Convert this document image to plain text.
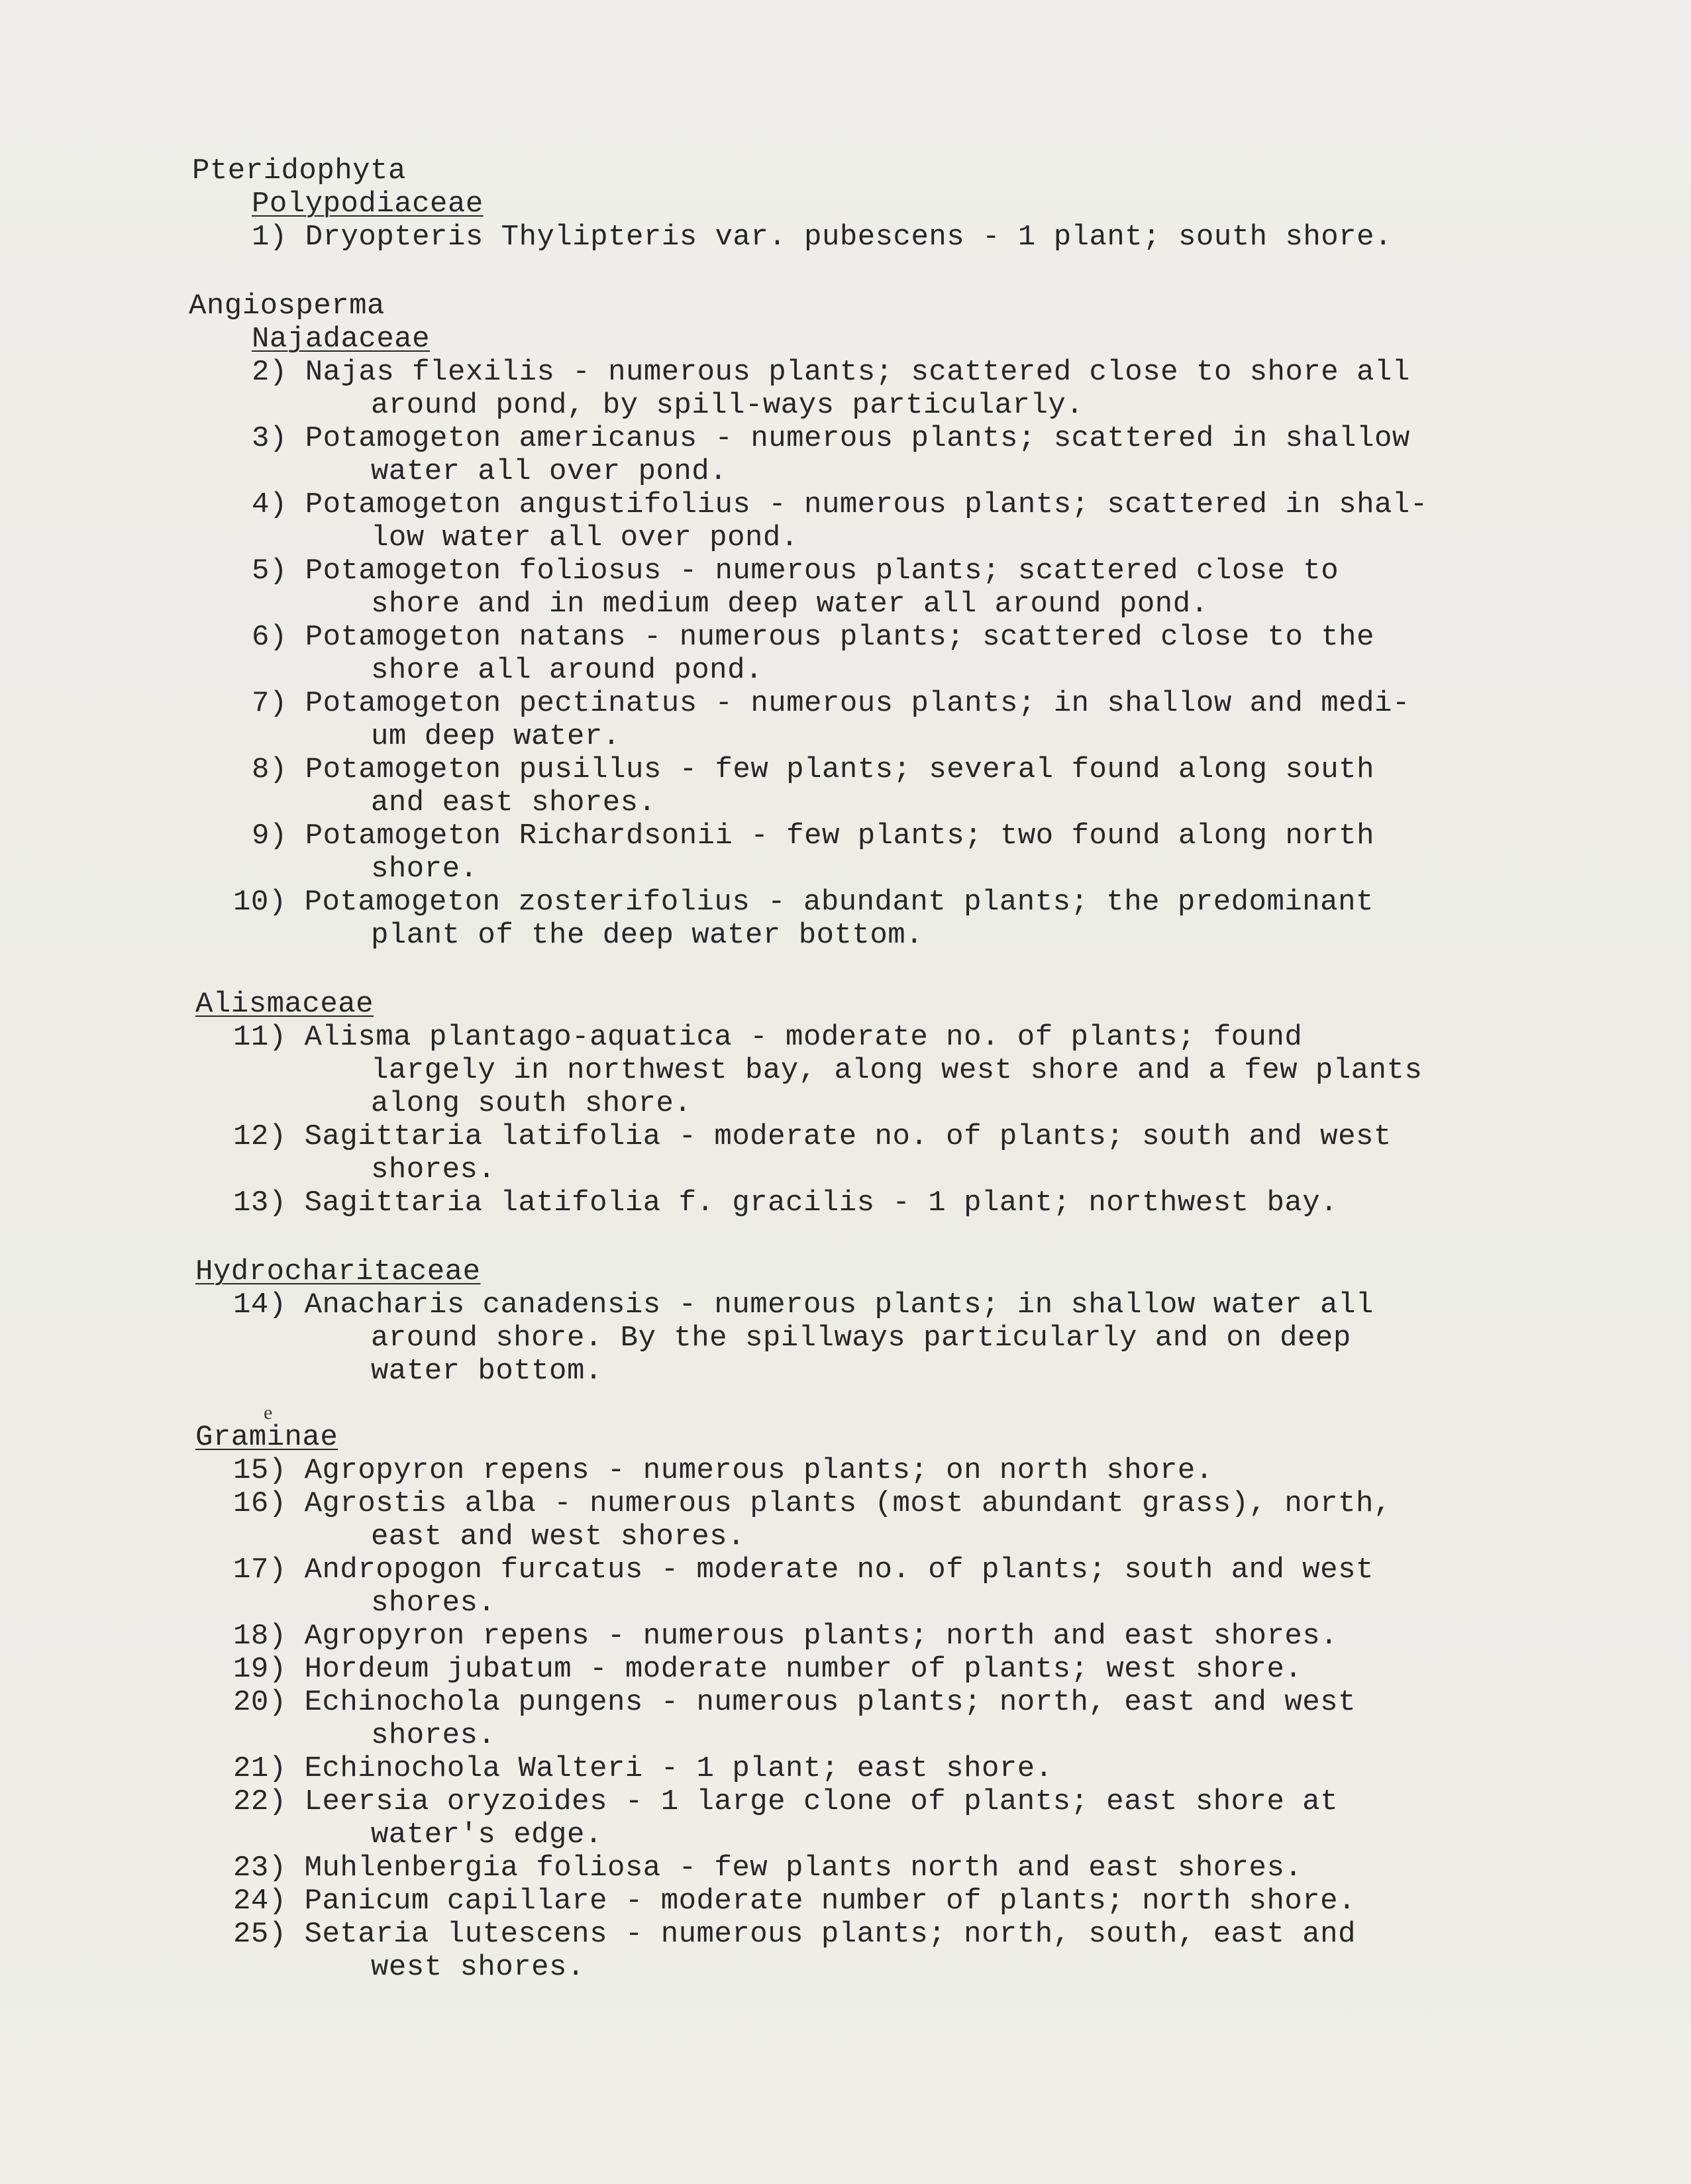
Pteridophyta

Polypodiaceae

1) Dryopteris Thylipteris var. pubescens - 1 plant; south shore.

Angiosperma

Najadaceae

2) Najas flexilis - numerous plants; scattered close to shore all

around pond, by spill-ways particularly.

3) Potamogeton americanus - numerous plants; scattered in shallow

water all over pond.

4) Potamogeton angustifolius - numerous plants; scattered in shal-

low water all over pond.

5) Potamogeton foliosus - numerous plants; scattered close to

shore and in medium deep water all around pond.

6) Potamogeton natans - numerous plants; scattered close to the

shore all around pond.

7) Potamogeton pectinatus - numerous plants; in shallow and medi-

um deep water.

8) Potamogeton pusillus - few plants; several found along south

and east shores.

9) Potamogeton Richardsonii - few plants; two found along north

shore.

10) Potamogeton zosterifolius - abundant plants; the predominant

plant of the deep water bottom.

Alismaceae

11) Alisma plantago-aquatica - moderate no. of plants; found

largely in northwest bay, along west shore and a few plants

along south shore.

12) Sagittaria latifolia - moderate no. of plants; south and west

shores.

13) Sagittaria latifolia f. gracilis - 1 plant; northwest bay.

Hydrocharitaceae

14) Anacharis canadensis - numerous plants; in shallow water all

around shore. By the spillways particularly and on deep

water bottom.

e

Graminae

15) Agropyron repens - numerous plants; on north shore.

16) Agrostis alba - numerous plants (most abundant grass), north,

east and west shores.

17) Andropogon furcatus - moderate no. of plants; south and west

shores.

18) Agropyron repens - numerous plants; north and east shores.

19) Hordeum jubatum - moderate number of plants; west shore.

20) Echinochola pungens - numerous plants; north, east and west

shores.

21) Echinochola Walteri - 1 plant; east shore.

22) Leersia oryzoides - 1 large clone of plants; east shore at

water's edge.

23) Muhlenbergia foliosa - few plants north and east shores.

24) Panicum capillare - moderate number of plants; north shore.

25) Setaria lutescens - numerous plants; north, south, east and

west shores.
